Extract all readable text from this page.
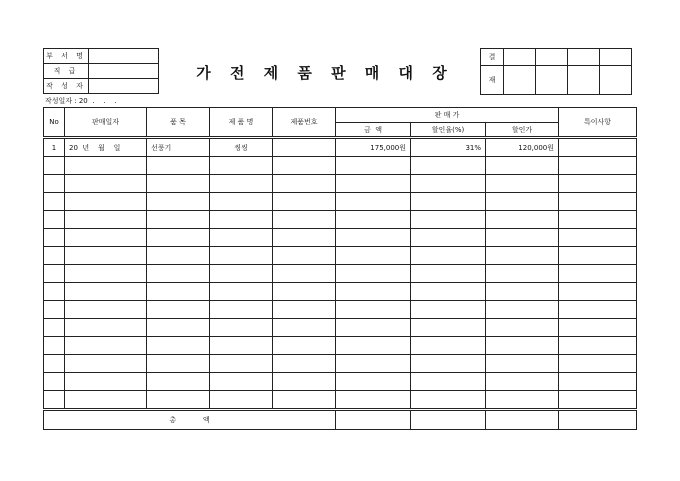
부 서 명	
직 급	
작 성 자	
가 전 제 품 판 매 대 장
결				
재				
작성일자 : 20  .    .    .
No	판매일자	품 목	제 품 명	제품번호	판 매 가			특이사항
					금  액	할인율(%)	할인가	
1	20  년    월    일	선풍기	씽씽		175,000원	31%	120,000원	

총            액								
